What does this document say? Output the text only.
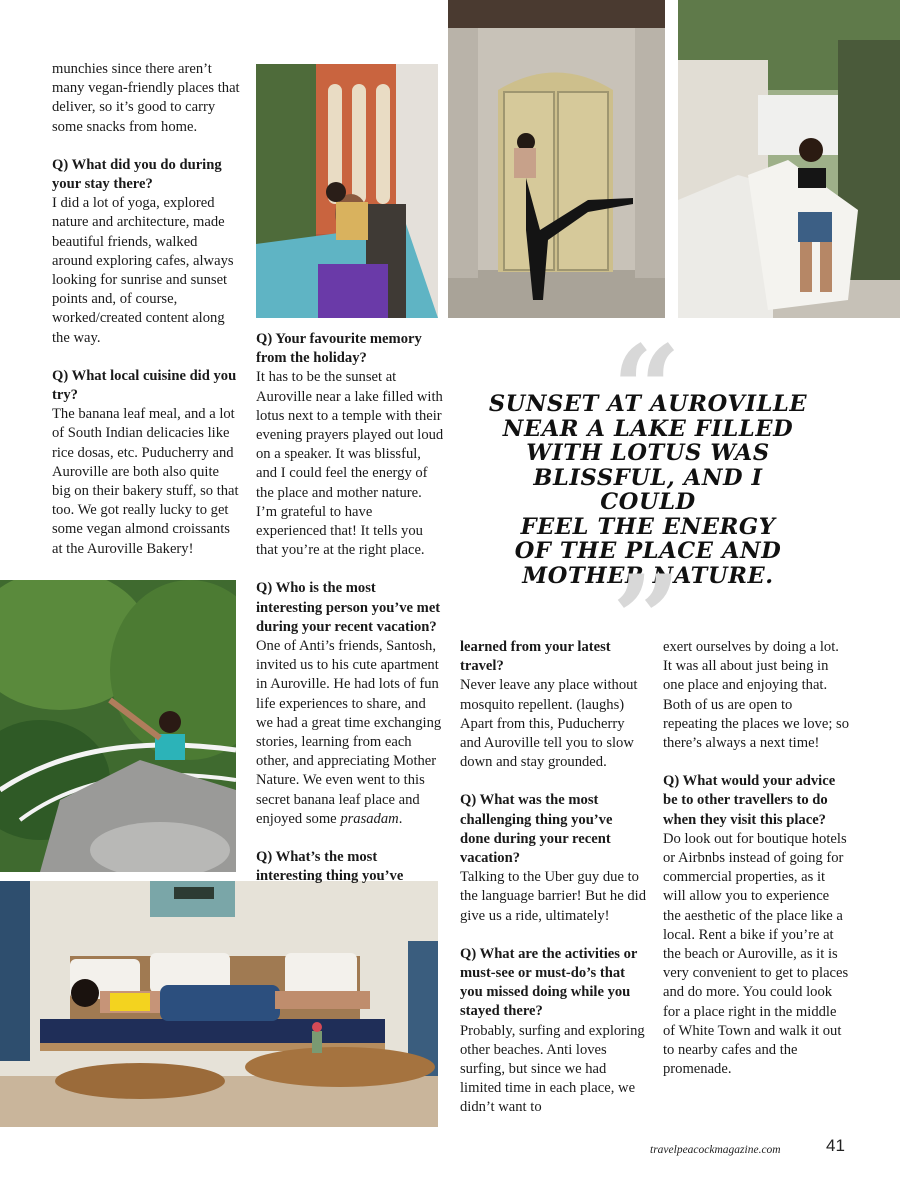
munchies since there aren’t many vegan-friendly places that deliver, so it’s good to carry some snacks from home.

Q) What did you do during your stay there?
I did a lot of yoga, explored nature and architecture, made beautiful friends, walked around exploring cafes, always looking for sunrise and sunset points and, of course, worked/created content along the way.

Q) What local cuisine did you try?
The banana leaf meal, and a lot of South Indian delicacies like rice dosas, etc. Puducherry and Auroville are both also quite big on their bakery stuff, so that too. We got really lucky to get some vegan almond croissants at the Auroville Bakery!

Q) Your favourite memory from the holiday?
It has to be the sunset at Auroville near a lake filled with lotus next to a temple with their evening prayers played out loud on a speaker. It was blissful, and I could feel the energy of the place and mother nature. I’m grateful to have experienced that! It tells you that you’re at the right place.

Q) Who is the most interesting person you’ve met during your recent vacation?
One of Anti’s friends, Santosh, invited us to his cute apartment in Auroville. He had lots of fun life experiences to share, and we had a great time exchanging stories, learning from each other, and appreciating Mother Nature. We even went to this secret banana leaf place and enjoyed some prasadam.

Q) What’s the most interesting thing you’ve

learned from your latest travel?
Never leave any place without mosquito repellent. (laughs) Apart from this, Puducherry and Auroville tell you to slow down and stay grounded.

Q) What was the most challenging thing you’ve done during your recent vacation?
Talking to the Uber guy due to the language barrier! But he did give us a ride, ultimately!

Q) What are the activities or must-see or must-do’s that you missed doing while you stayed there?
Probably, surfing and exploring other beaches. Anti loves surfing, but since we had limited time in each place, we didn’t want to

exert ourselves by doing a lot. It was all about just being in one place and enjoying that. Both of us are open to repeating the places we love; so there’s always a next time!

Q) What would your advice be to other travellers to do when they visit this place?
Do look out for boutique hotels or Airbnbs instead of going for commercial properties, as it will allow you to experience the aesthetic of the place like a local. Rent a bike if you’re at the beach or Auroville, as it is very convenient to get to places and do more. You could look for a place right in the middle of White Town and walk it out to nearby cafes and the promenade.

“
SUNSET AT AUROVILLE
NEAR A LAKE FILLED
WITH LOTUS WAS
BLISSFUL, AND I COULD
FEEL THE ENERGY
OF THE PLACE AND
MOTHER NATURE.
”
travelpeacockmagazine.com	41
